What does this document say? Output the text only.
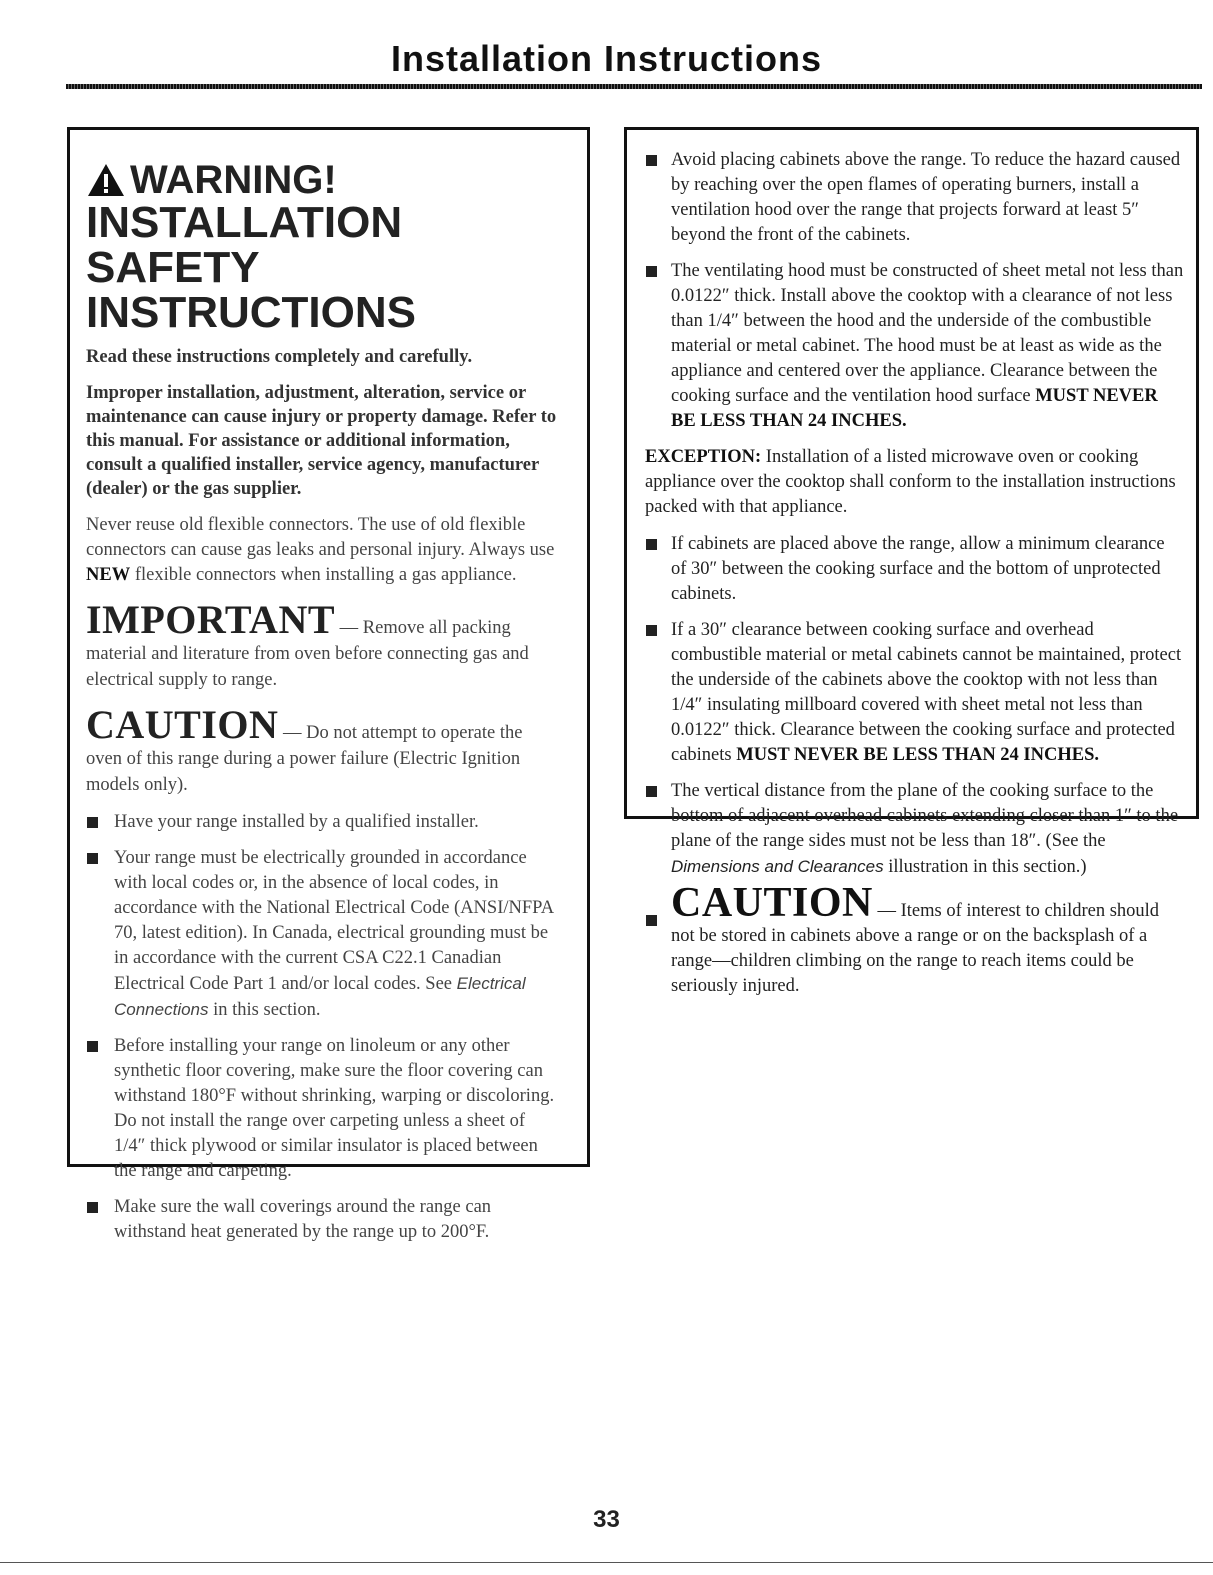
Installation Instructions
WARNING!
INSTALLATION SAFETY
INSTRUCTIONS

Read these instructions completely and carefully.

Improper installation, adjustment, alteration, service or maintenance can cause injury or property damage. Refer to this manual. For assistance or additional information, consult a qualified installer, service agency, manufacturer (dealer) or the gas supplier.

Never reuse old flexible connectors. The use of old flexible connectors can cause gas leaks and personal injury. Always use NEW flexible connectors when installing a gas appliance.

IMPORTANT — Remove all packing material and literature from oven before connecting gas and electrical supply to range.

CAUTION — Do not attempt to operate the oven of this range during a power failure (Electric Ignition models only).

Have your range installed by a qualified installer.
Your range must be electrically grounded in accordance with local codes or, in the absence of local codes, in accordance with the National Electrical Code (ANSI/NFPA 70, latest edition). In Canada, electrical grounding must be in accordance with the current CSA C22.1 Canadian Electrical Code Part 1 and/or local codes. See Electrical Connections in this section.
Before installing your range on linoleum or any other synthetic floor covering, make sure the floor covering can withstand 180°F without shrinking, warping or discoloring. Do not install the range over carpeting unless a sheet of 1/4″ thick plywood or similar insulator is placed between the range and carpeting.
Make sure the wall coverings around the range can withstand heat generated by the range up to 200°F.
Avoid placing cabinets above the range. To reduce the hazard caused by reaching over the open flames of operating burners, install a ventilation hood over the range that projects forward at least 5″ beyond the front of the cabinets.
The ventilating hood must be constructed of sheet metal not less than 0.0122″ thick. Install above the cooktop with a clearance of not less than 1/4″ between the hood and the underside of the combustible material or metal cabinet. The hood must be at least as wide as the appliance and centered over the appliance. Clearance between the cooking surface and the ventilation hood surface MUST NEVER BE LESS THAN 24 INCHES.

EXCEPTION: Installation of a listed microwave oven or cooking appliance over the cooktop shall conform to the installation instructions packed with that appliance.

If cabinets are placed above the range, allow a minimum clearance of 30″ between the cooking surface and the bottom of unprotected cabinets.
If a 30″ clearance between cooking surface and overhead combustible material or metal cabinets cannot be maintained, protect the underside of the cabinets above the cooktop with not less than 1/4″ insulating millboard covered with sheet metal not less than 0.0122″ thick. Clearance between the cooking surface and protected cabinets MUST NEVER BE LESS THAN 24 INCHES.
The vertical distance from the plane of the cooking surface to the bottom of adjacent overhead cabinets extending closer than 1″ to the plane of the range sides must not be less than 18″. (See the Dimensions and Clearances illustration in this section.)

CAUTION — Items of interest to children should not be stored in cabinets above a range or on the backsplash of a range—children climbing on the range to reach items could be seriously injured.

33
